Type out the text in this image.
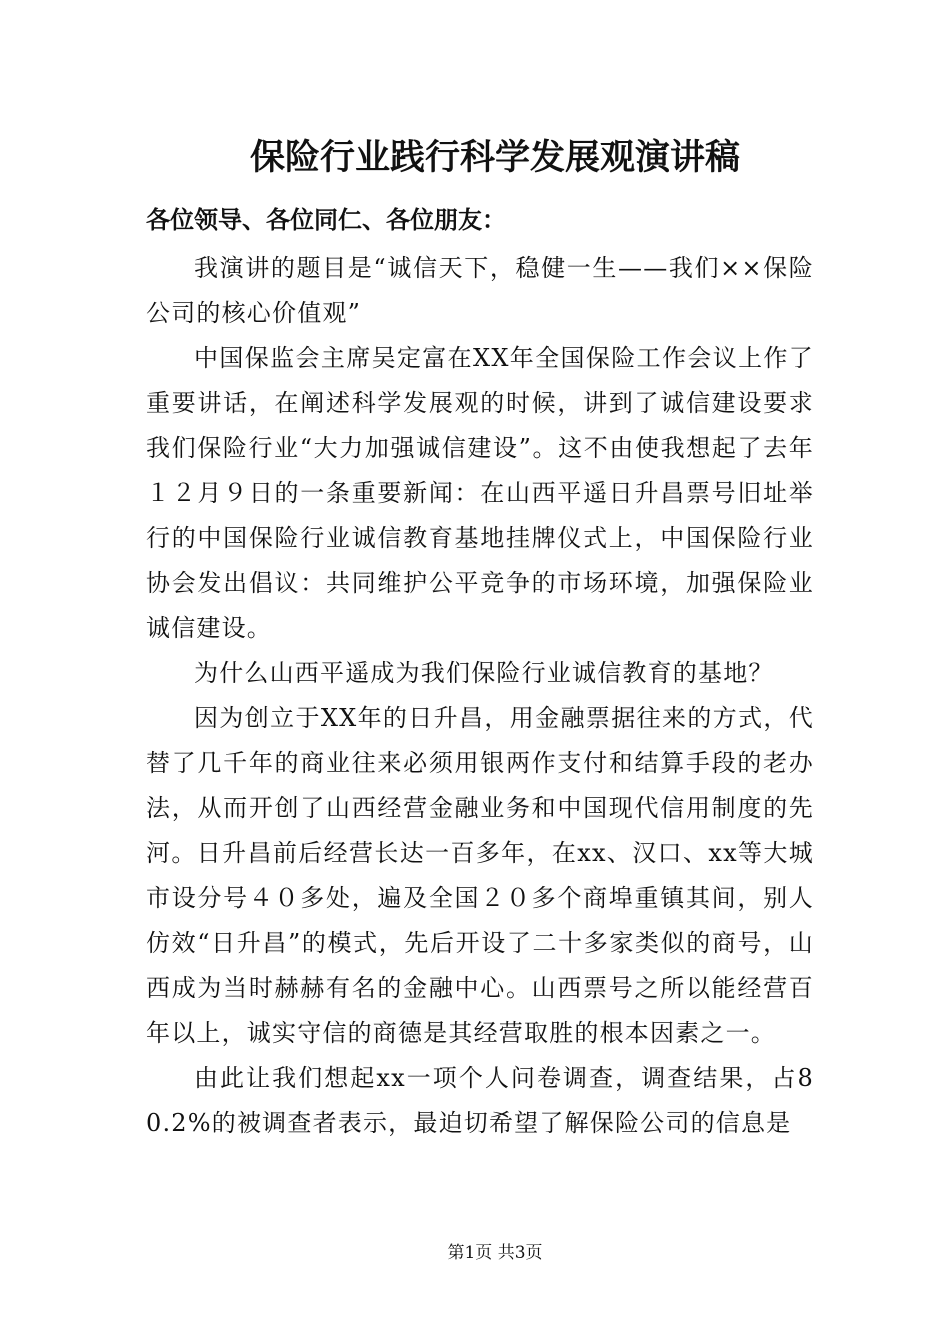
保险行业践行科学发展观演讲稿

各位领导、各位同仁、各位朋友：

我演讲的题目是“诚信天下，稳健一生——我们××保险公司的核心价值观”

中国保监会主席吴定富在XX年全国保险工作会议上作了重要讲话，在阐述科学发展观的时候，讲到了诚信建设要求我们保险行业“大力加强诚信建设”。这不由使我想起了去年１２月９日的一条重要新闻：在山西平遥日升昌票号旧址举行的中国保险行业诚信教育基地挂牌仪式上，中国保险行业协会发出倡议：共同维护公平竞争的市场环境，加强保险业诚信建设。

为什么山西平遥成为我们保险行业诚信教育的基地？

因为创立于XX年的日升昌，用金融票据往来的方式，代替了几千年的商业往来必须用银两作支付和结算手段的老办法，从而开创了山西经营金融业务和中国现代信用制度的先河。日升昌前后经营长达一百多年，在xx、汉口、xx等大城市设分号４０多处，遍及全国２０多个商埠重镇其间，别人仿效“日升昌”的模式，先后开设了二十多家类似的商号，山西成为当时赫赫有名的金融中心。山西票号之所以能经营百年以上，诚实守信的商德是其经营取胜的根本因素之一。

由此让我们想起xx一项个人问卷调查，调查结果，占80.2%的被调查者表示，最迫切希望了解保险公司的信息是

第1页 共3页
